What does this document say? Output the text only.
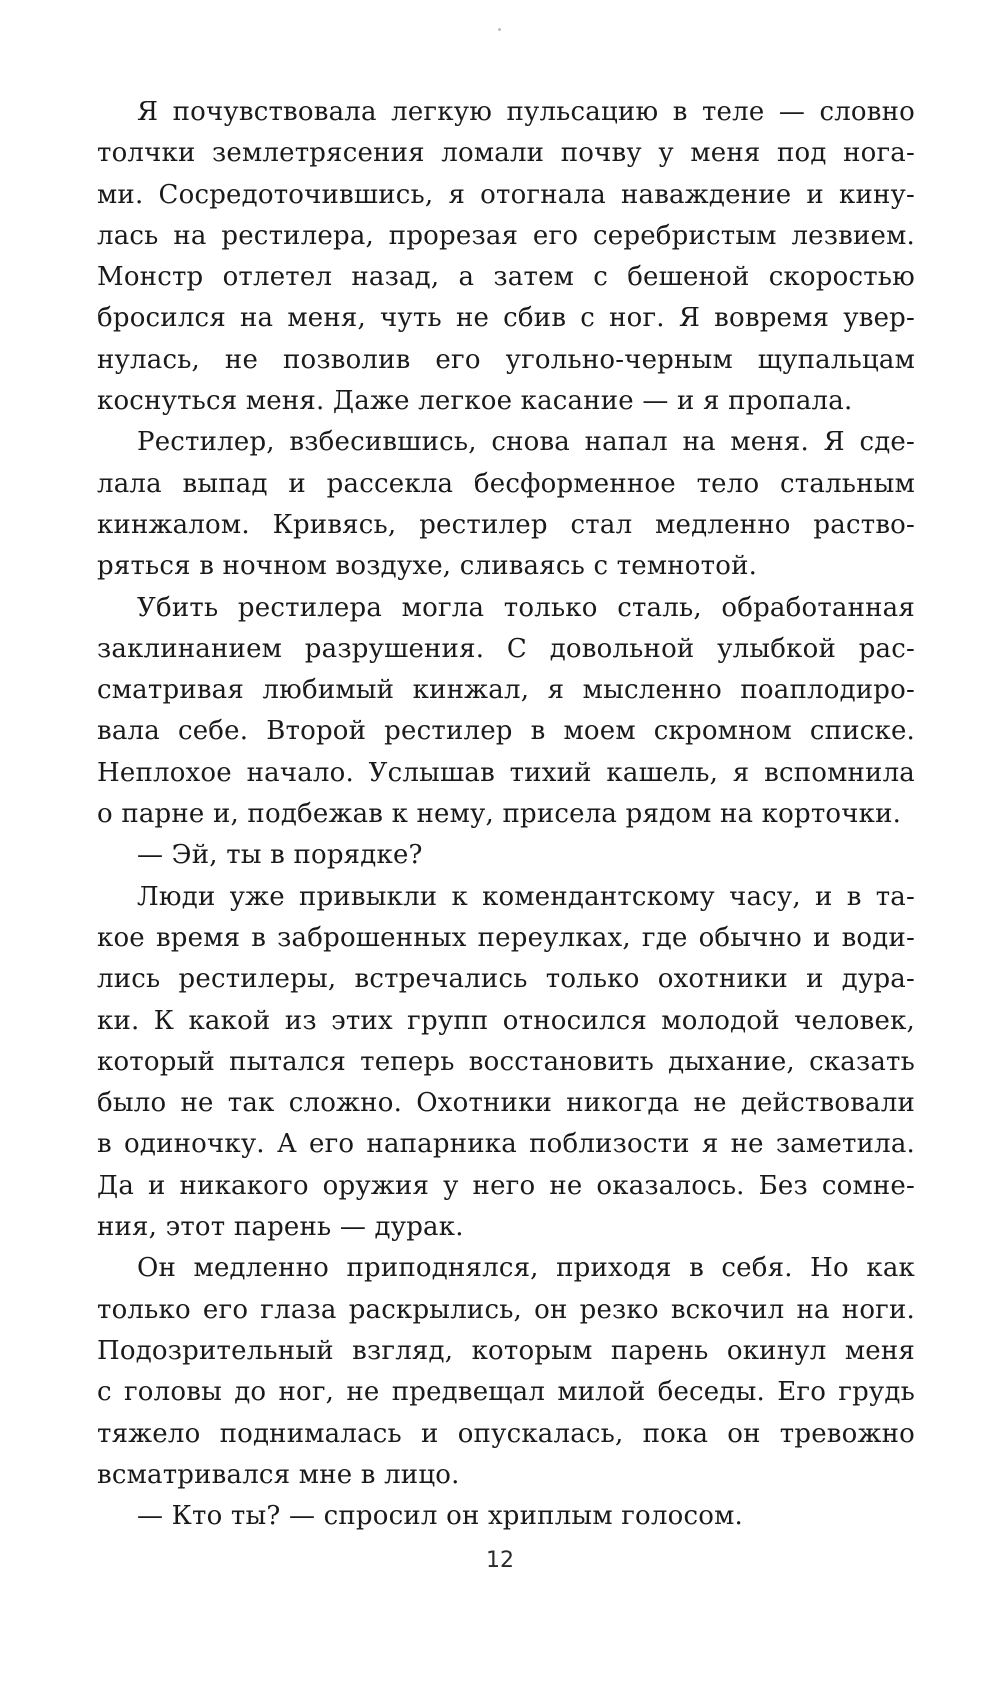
Я почувствовала легкую пульсацию в теле — словно
толчки землетрясения ломали почву у меня под нога-
ми. Сосредоточившись, я отогнала наваждение и кину-
лась на рестилера, прорезая его серебристым лезвием.
Монстр отлетел назад, а затем с бешеной скоростью
бросился на меня, чуть не сбив с ног. Я вовремя увер-
нулась, не позволив его угольно-черным щупальцам
коснуться меня. Даже легкое касание — и я пропала.
Рестилер, взбесившись, снова напал на меня. Я сде-
лала выпад и рассекла бесформенное тело стальным
кинжалом. Кривясь, рестилер стал медленно раство-
ряться в ночном воздухе, сливаясь с темнотой.
Убить рестилера могла только сталь, обработанная
заклинанием разрушения. С довольной улыбкой рас-
сматривая любимый кинжал, я мысленно поаплодиро-
вала себе. Второй рестилер в моем скромном списке.
Неплохое начало. Услышав тихий кашель, я вспомнила
о парне и, подбежав к нему, присела рядом на корточки.
— Эй, ты в порядке?
Люди уже привыкли к комендантскому часу, и в та-
кое время в заброшенных переулках, где обычно и води-
лись рестилеры, встречались только охотники и дура-
ки. К какой из этих групп относился молодой человек,
который пытался теперь восстановить дыхание, сказать
было не так сложно. Охотники никогда не действовали
в одиночку. А его напарника поблизости я не заметила.
Да и никакого оружия у него не оказалось. Без сомне-
ния, этот парень — дурак.
Он медленно приподнялся, приходя в себя. Но как
только его глаза раскрылись, он резко вскочил на ноги.
Подозрительный взгляд, которым парень окинул меня
с головы до ног, не предвещал милой беседы. Его грудь
тяжело поднималась и опускалась, пока он тревожно
всматривался мне в лицо.
— Кто ты? — спросил он хриплым голосом.
12
